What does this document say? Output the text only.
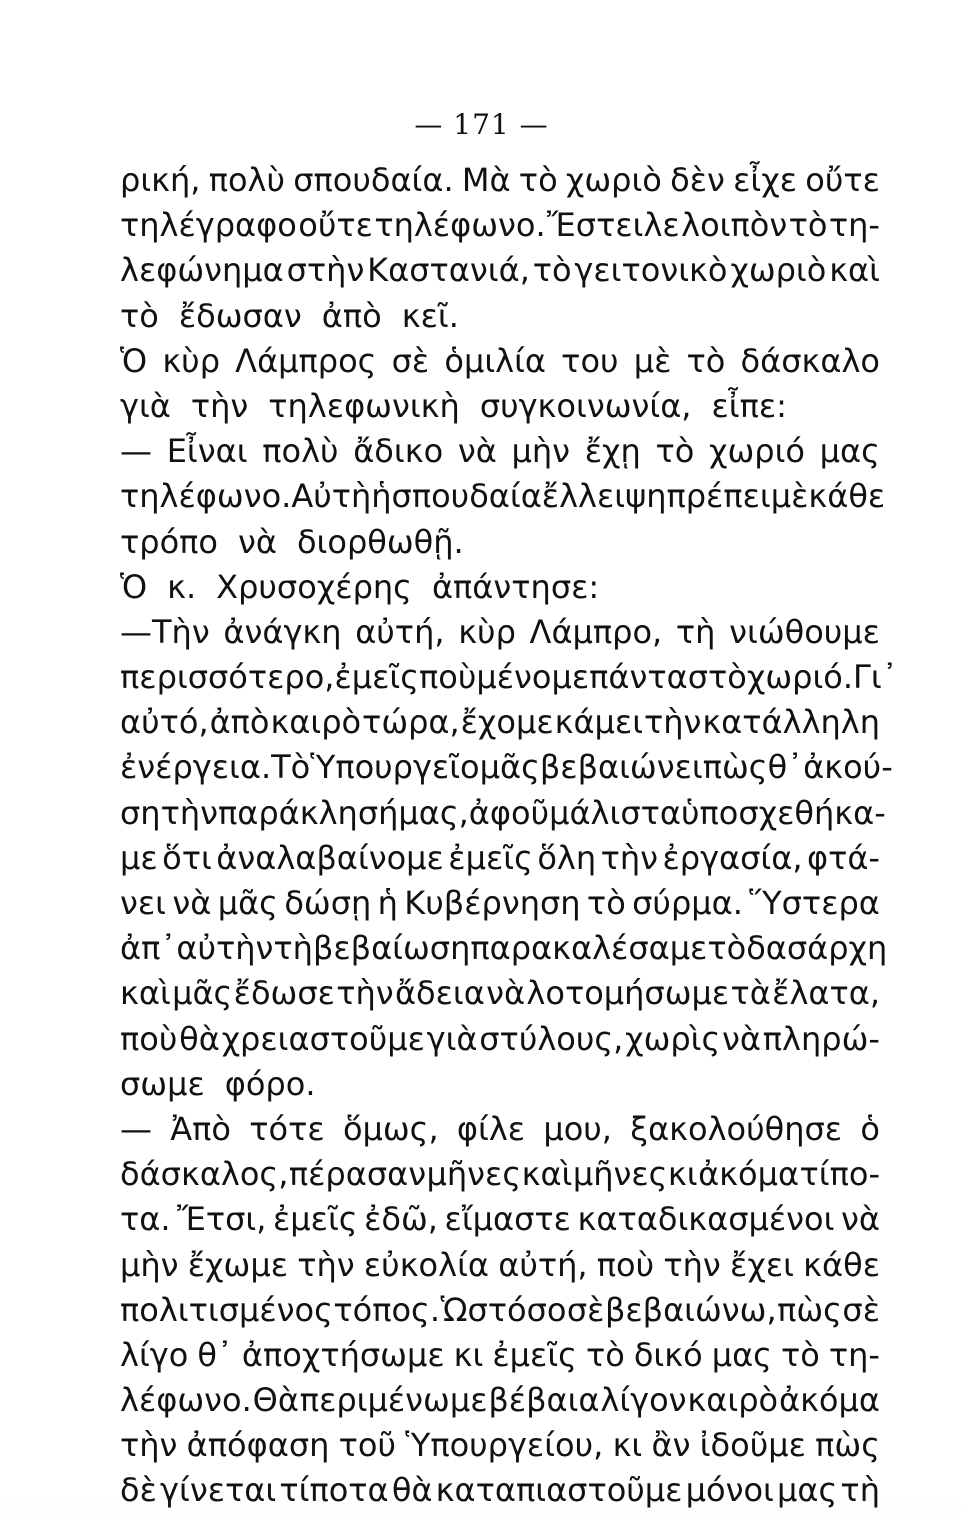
— 171 —
ρική, πολὺ σπουδαία. Μὰ τὸ χωριὸ δὲν εἶχε οὔτε
τηλέγραφο οὔτε τηλέφωνο. Ἔστειλε λοιπὸν τὸ τη-
λεφώνημα στὴν Καστανιά, τὸ γειτονικὸ χωριὸ καὶ
τὸ ἔδωσαν ἀπὸ κεῖ.
Ὁ κὺρ Λάμπρος σὲ ὁμιλία του μὲ τὸ δάσκαλο
γιὰ τὴν τηλεφωνικὴ συγκοινωνία, εἶπε:
— Εἶναι πολὺ ἄδικο νὰ μὴν ἔχῃ τὸ χωριό μας
τηλέφωνο. Αὐτὴ ἡ σπουδαία ἔλλειψη πρέπει μὲ κάθε
τρόπο νὰ διορθωθῇ.
Ὁ κ. Χρυσοχέρης ἀπάντησε:
—Τὴν ἀνάγκη αὐτή, κὺρ Λάμπρο, τὴ νιώθουμε
περισσότερο, ἐμεῖς ποὺ μένομε πάντα στὸ χωριό. Γι᾿
αὐτό, ἀπὸ καιρὸ τώρα, ἔχομε κάμει τὴν κατάλληλη
ἐνέργεια. Τὸ Ὑπουργεῖο μᾶς βεβαιώνει πὼς θ᾿ ἀκού-
ση τὴν παράκλησή μας, ἀφοῦ μάλιστα ὑποσχεθήκα-
με ὅτι ἀναλαβαίνομε ἐμεῖς ὅλη τὴν ἐργασία, φτά-
νει νὰ μᾶς δώσῃ ἡ Κυβέρνηση τὸ σύρμα. Ὕστερα
ἀπ᾿ αὐτὴν τὴ βεβαίωση παρακαλέσαμε τὸ δασάρχη
καὶ μᾶς ἔδωσε τὴν ἄδεια νὰ λοτομήσωμε τὰ ἔλατα,
ποὺ θὰ χρειαστοῦμε γιὰ στύλους, χωρὶς νὰ πληρώ-
σωμε φόρο.
— Ἀπὸ τότε ὅμως, φίλε μου, ξακολούθησε ὁ
δάσκαλος, πέρασαν μῆνες καὶ μῆνες κι ἀκόμα τίπο-
τα. Ἔτσι, ἐμεῖς ἐδῶ, εἴμαστε καταδικασμένοι νὰ
μὴν ἔχωμε τὴν εὐκολία αὐτή, ποὺ τὴν ἔχει κάθε
πολιτισμένος τόπος. Ὡστόσο σὲ βεβαιώνω, πὼς σὲ
λίγο θ᾿ ἀποχτήσωμε κι ἐμεῖς τὸ δικό μας τὸ τη-
λέφωνο. Θὰ περιμένωμε βέβαια λίγον καιρὸ ἀκόμα
τὴν ἀπόφαση τοῦ Ὑπουργείου, κι ἂν ἰδοῦμε πὼς
δὲ γίνεται τίποτα θὰ καταπιαστοῦμε μόνοι μας τὴ
